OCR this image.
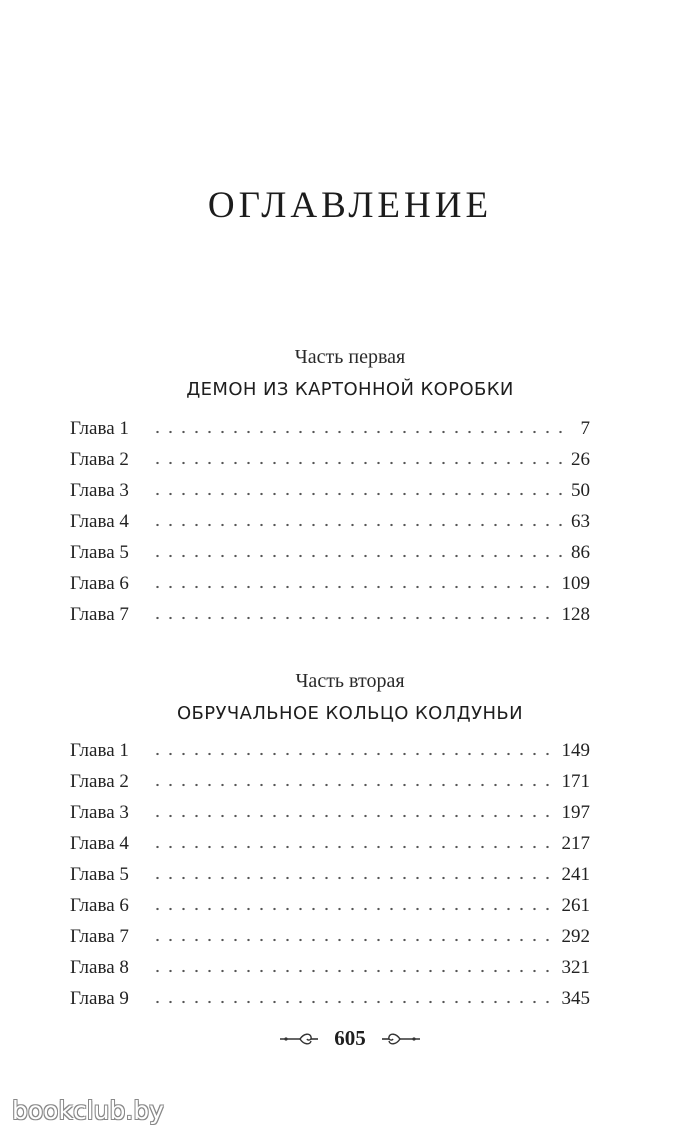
ОГЛАВЛЕНИЕ
Часть первая
ДЕМОН ИЗ КАРТОННОЙ КОРОБКИ
Глава 1	7
Глава 2	26
Глава 3	50
Глава 4	63
Глава 5	86
Глава 6	109
Глава 7	128
Часть вторая
ОБРУЧАЛЬНОЕ КОЛЬЦО КОЛДУНЬИ
Глава 1	149
Глава 2	171
Глава 3	197
Глава 4	217
Глава 5	241
Глава 6	261
Глава 7	292
Глава 8	321
Глава 9	345
605
bookclub.by
